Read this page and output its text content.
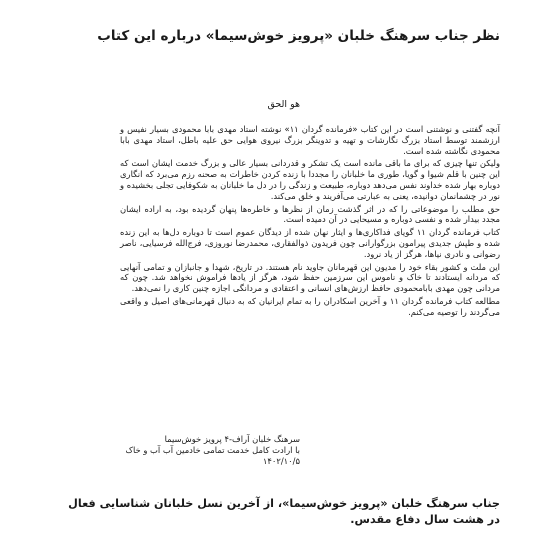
نظر جناب سرهنگ خلبان «پرویز خوش‌سیما» درباره این کتاب

هو الحق

آنچه گفتنی و نوشتنی است در این کتاب «فرمانده گردان ۱۱» نوشته استاد مهدی بابا محمودی بسیار نفیس و ارزشمند توسط استاد بزرگ نگارشات و تهیه و تدوینگر بزرگ نیروی هوایی حق علیه باطل، استاد مهدی بابا محمودی نگاشته شده است.

ولیکن تنها چیزی که برای ما باقی مانده است یک تشکر و قدردانی بسیار عالی و بزرگ خدمت ایشان است که این چنین با قلم شیوا و گویا، طوری ما خلبانان را مجددا با زنده کردن خاطرات به صحنه رزم می‌برد که انگاری دوباره بهار شده خداوند نفس می‌دهد دوباره، طبیعت و زندگی را در دل ما خلبانان به شکوفایی تجلی بخشیده و نور در چشمانمان دوانیده، یعنی به عبارتی می‌آفریند و خلق می‌کند.

حق مطلب را موضوعاتی را که در اثر گذشت زمان از نظرها و خاطره‌ها پنهان گردیده بود، به اراده ایشان مجدد بیدار شده و نفسی دوباره و مسیحایی در آن دمیده است.

کتاب فرمانده گردان ۱۱ گویای فداکاری‌ها و ایثار نهان شده از دیدگان عموم است تا دوباره دل‌ها به این زنده شده و طپش جدیدی پیرامون بزرگوارانی چون فریدون ذوالفقاری، محمدرضا نوروزی، فرج‌الله فرسیایی، ناصر رضوانی و نادری نیاها، هرگز از یاد نرود.

این ملت و کشور بقاء خود را مدیون این قهرمانان جاوید نام هستند. در تاریخ، شهدا و جانبازان و تمامی آنهایی که مردانه ایستادند تا خاک و ناموس این سرزمین حفظ شود، هرگز از یادها فراموش نخواهد شد. چون که مردانی چون مهدی بابامحمودی حافظ ارزش‌های انسانی و اعتقادی و مردانگی اجازه چنین کاری را نمی‌دهد.

مطالعه کتاب فرمانده گردان ۱۱ و آخرین اسکادران را به تمام ایرانیان که به دنبال قهرمانی‌های اصیل و واقعی می‌گردند را توصیه می‌کنم.

سرهنگ خلبان آراف-۴ پرویز خوش‌سیما
با ارادت کامل خدمت تمامی خادمین آب آب و خاک
۱۴۰۲/۱۰/۵

جناب سرهنگ خلبان «پرویز خوش‌سیما»، از آخرین نسل خلبانان شناسایی فعال در هشت سال دفاع مقدس.
